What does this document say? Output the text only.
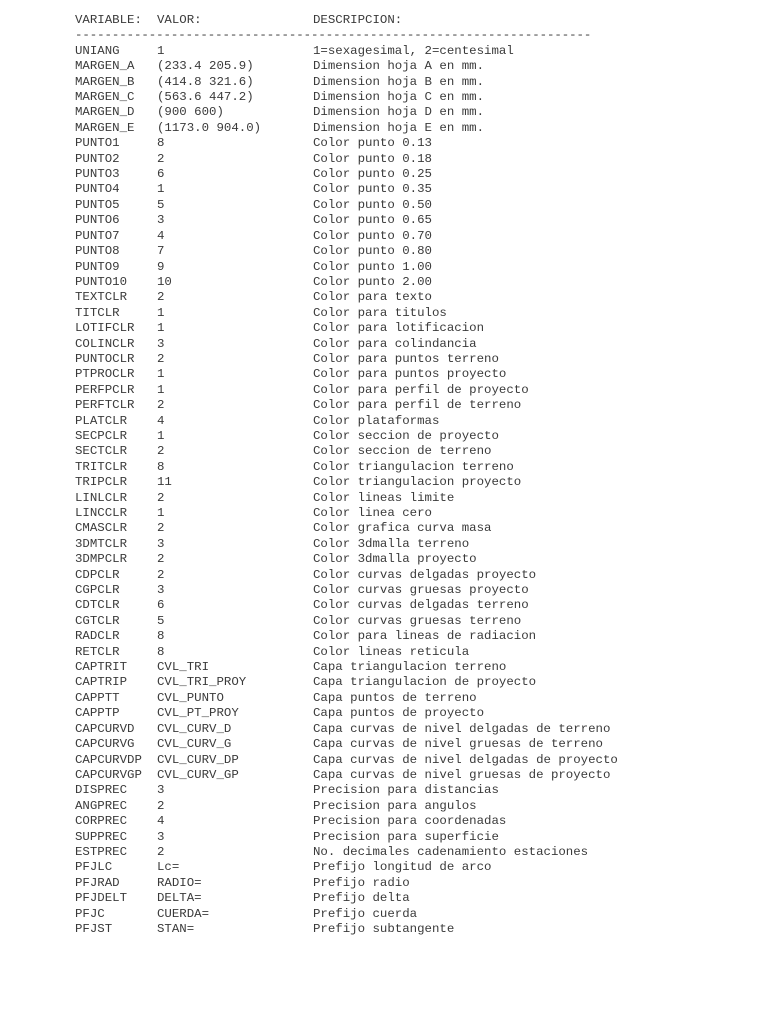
VARIABLE:	VALOR:	DESCRIPCION:
----------------------------------------------------------------------
UNIANG	1	1=sexagesimal, 2=centesimal
MARGEN_A	(233.4 205.9)	Dimension hoja A en mm.
MARGEN_B	(414.8 321.6)	Dimension hoja B en mm.
MARGEN_C	(563.6 447.2)	Dimension hoja C en mm.
MARGEN_D	(900 600)	Dimension hoja D en mm.
MARGEN_E	(1173.0 904.0)	Dimension hoja E en mm.
PUNTO1	8	Color punto 0.13
PUNTO2	2	Color punto 0.18
PUNTO3	6	Color punto 0.25
PUNTO4	1	Color punto 0.35
PUNTO5	5	Color punto 0.50
PUNTO6	3	Color punto 0.65
PUNTO7	4	Color punto 0.70
PUNTO8	7	Color punto 0.80
PUNTO9	9	Color punto 1.00
PUNTO10	10	Color punto 2.00
TEXTCLR	2	Color para texto
TITCLR	1	Color para titulos
LOTIFCLR	1	Color para lotificacion
COLINCLR	3	Color para colindancia
PUNTOCLR	2	Color para puntos terreno
PTPROCLR	1	Color para puntos proyecto
PERFPCLR	1	Color para perfil de proyecto
PERFTCLR	2	Color para perfil de terreno
PLATCLR	4	Color plataformas
SECPCLR	1	Color seccion de proyecto
SECTCLR	2	Color seccion de terreno
TRITCLR	8	Color triangulacion terreno
TRIPCLR	11	Color triangulacion proyecto
LINLCLR	2	Color lineas limite
LINCCLR	1	Color linea cero
CMASCLR	2	Color grafica curva masa
3DMTCLR	3	Color 3dmalla terreno
3DMPCLR	2	Color 3dmalla proyecto
CDPCLR	2	Color curvas delgadas proyecto
CGPCLR	3	Color curvas gruesas proyecto
CDTCLR	6	Color curvas delgadas terreno
CGTCLR	5	Color curvas gruesas terreno
RADCLR	8	Color para lineas de radiacion
RETCLR	8	Color lineas reticula
CAPTRIT	CVL_TRI	Capa triangulacion terreno
CAPTRIP	CVL_TRI_PROY	Capa triangulacion de proyecto
CAPPTT	CVL_PUNTO	Capa puntos de terreno
CAPPTP	CVL_PT_PROY	Capa puntos de proyecto
CAPCURVD	CVL_CURV_D	Capa curvas de nivel delgadas de terreno
CAPCURVG	CVL_CURV_G	Capa curvas de nivel gruesas de terreno
CAPCURVDP	CVL_CURV_DP	Capa curvas de nivel delgadas de proyecto
CAPCURVGP	CVL_CURV_GP	Capa curvas de nivel gruesas de proyecto
DISPREC	3	Precision para distancias
ANGPREC	2	Precision para angulos
CORPREC	4	Precision para coordenadas
SUPPREC	3	Precision para superficie
ESTPREC	2	No. decimales cadenamiento estaciones
PFJLC	Lc=	Prefijo longitud de arco
PFJRAD	RADIO=	Prefijo radio
PFJDELT	DELTA=	Prefijo delta
PFJC	CUERDA=	Prefijo cuerda
PFJST	STAN=	Prefijo subtangente
